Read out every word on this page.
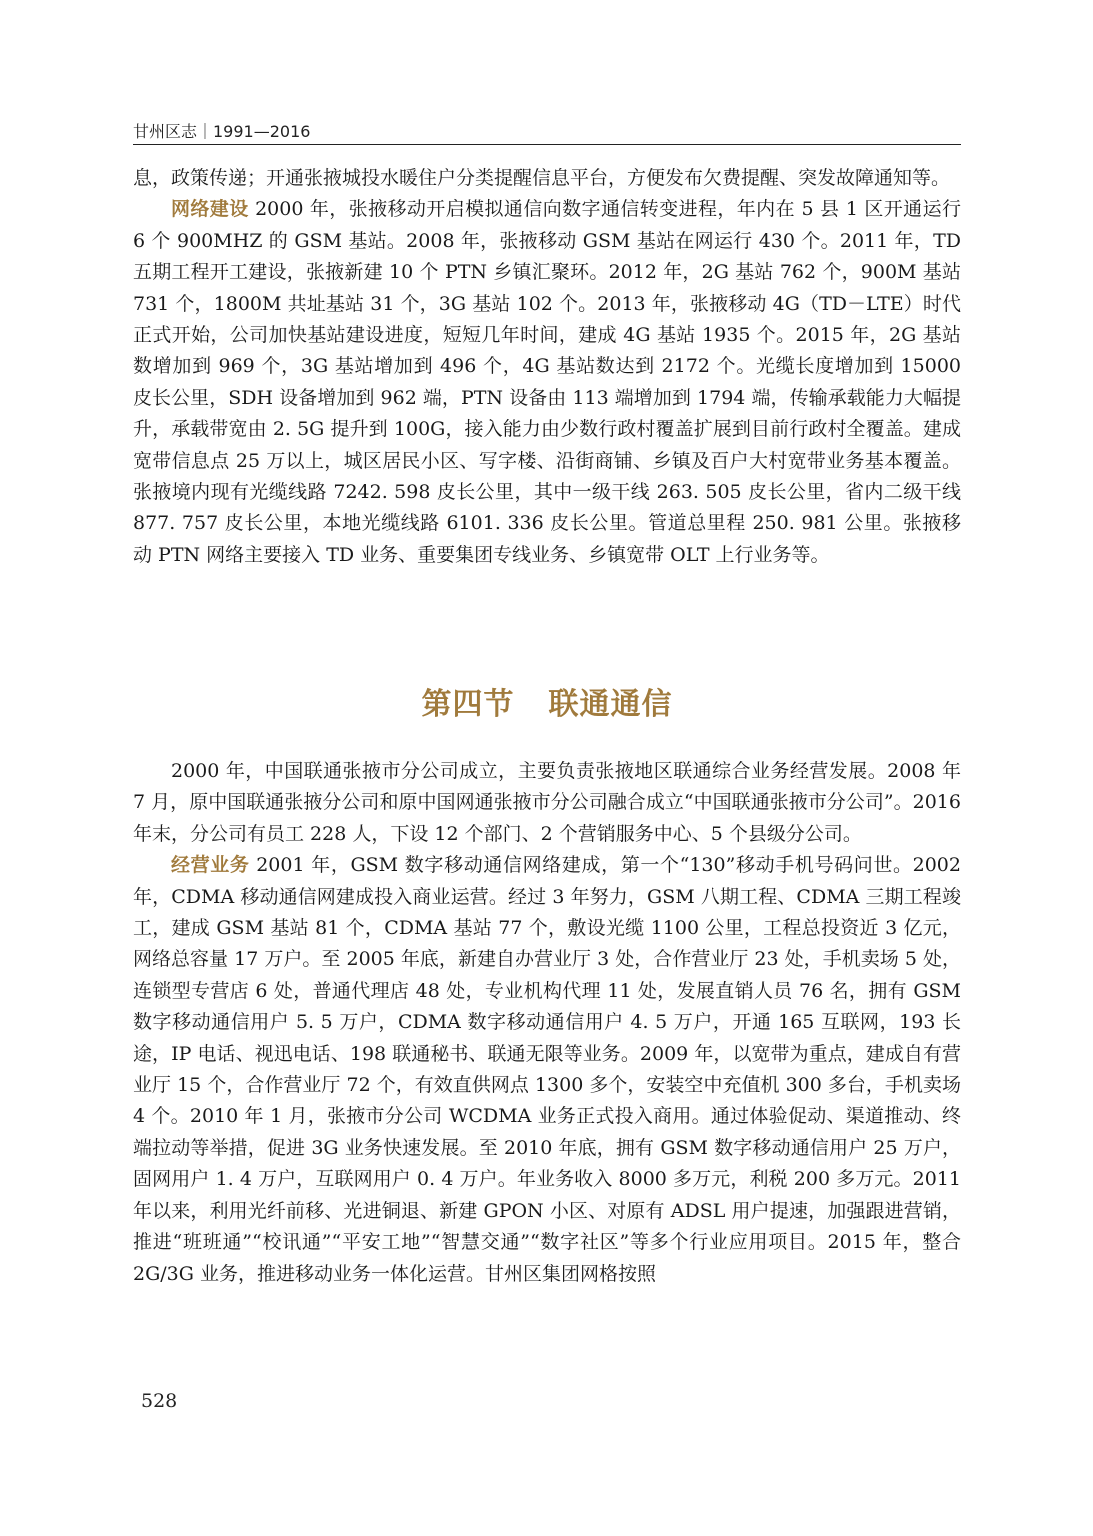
甘州区志｜1991—2016

息，政策传递；开通张掖城投水暖住户分类提醒信息平台，方便发布欠费提醒、突发故障通知等。

网络建设 2000 年，张掖移动开启模拟通信向数字通信转变进程，年内在 5 县 1 区开通运行 6 个 900MHZ 的 GSM 基站。2008 年，张掖移动 GSM 基站在网运行 430 个。2011 年，TD 五期工程开工建设，张掖新建 10 个 PTN 乡镇汇聚环。2012 年，2G 基站 762 个，900M 基站 731 个，1800M 共址基站 31 个，3G 基站 102 个。2013 年，张掖移动 4G（TD－LTE）时代正式开始，公司加快基站建设进度，短短几年时间，建成 4G 基站 1935 个。2015 年，2G 基站数增加到 969 个，3G 基站增加到 496 个，4G 基站数达到 2172 个。光缆长度增加到 15000 皮长公里，SDH 设备增加到 962 端，PTN 设备由 113 端增加到 1794 端，传输承载能力大幅提升，承载带宽由 2. 5G 提升到 100G，接入能力由少数行政村覆盖扩展到目前行政村全覆盖。建成宽带信息点 25 万以上，城区居民小区、写字楼、沿街商铺、乡镇及百户大村宽带业务基本覆盖。张掖境内现有光缆线路 7242. 598 皮长公里，其中一级干线 263. 505 皮长公里，省内二级干线 877. 757 皮长公里，本地光缆线路 6101. 336 皮长公里。管道总里程 250. 981 公里。张掖移动 PTN 网络主要接入 TD 业务、重要集团专线业务、乡镇宽带 OLT 上行业务等。

第四节 联通通信

2000 年，中国联通张掖市分公司成立，主要负责张掖地区联通综合业务经营发展。2008 年 7 月，原中国联通张掖分公司和原中国网通张掖市分公司融合成立“中国联通张掖市分公司”。2016 年末，分公司有员工 228 人，下设 12 个部门、2 个营销服务中心、5 个县级分公司。

经营业务 2001 年，GSM 数字移动通信网络建成，第一个“130”移动手机号码问世。2002 年，CDMA 移动通信网建成投入商业运营。经过 3 年努力，GSM 八期工程、CDMA 三期工程竣工，建成 GSM 基站 81 个，CDMA 基站 77 个，敷设光缆 1100 公里，工程总投资近 3 亿元，网络总容量 17 万户。至 2005 年底，新建自办营业厅 3 处，合作营业厅 23 处，手机卖场 5 处，连锁型专营店 6 处，普通代理店 48 处，专业机构代理 11 处，发展直销人员 76 名，拥有 GSM 数字移动通信用户 5. 5 万户，CDMA 数字移动通信用户 4. 5 万户，开通 165 互联网，193 长途，IP 电话、视迅电话、198 联通秘书、联通无限等业务。2009 年，以宽带为重点，建成自有营业厅 15 个，合作营业厅 72 个，有效直供网点 1300 多个，安装空中充值机 300 多台，手机卖场 4 个。2010 年 1 月，张掖市分公司 WCDMA 业务正式投入商用。通过体验促动、渠道推动、终端拉动等举措，促进 3G 业务快速发展。至 2010 年底，拥有 GSM 数字移动通信用户 25 万户，固网用户 1. 4 万户，互联网用户 0. 4 万户。年业务收入 8000 多万元，利税 200 多万元。2011 年以来，利用光纤前移、光进铜退、新建 GPON 小区、对原有 ADSL 用户提速，加强跟进营销，推进“班班通”“校讯通”“平安工地”“智慧交通”“数字社区”等多个行业应用项目。2015 年，整合 2G/3G 业务，推进移动业务一体化运营。甘州区集团网格按照

528
